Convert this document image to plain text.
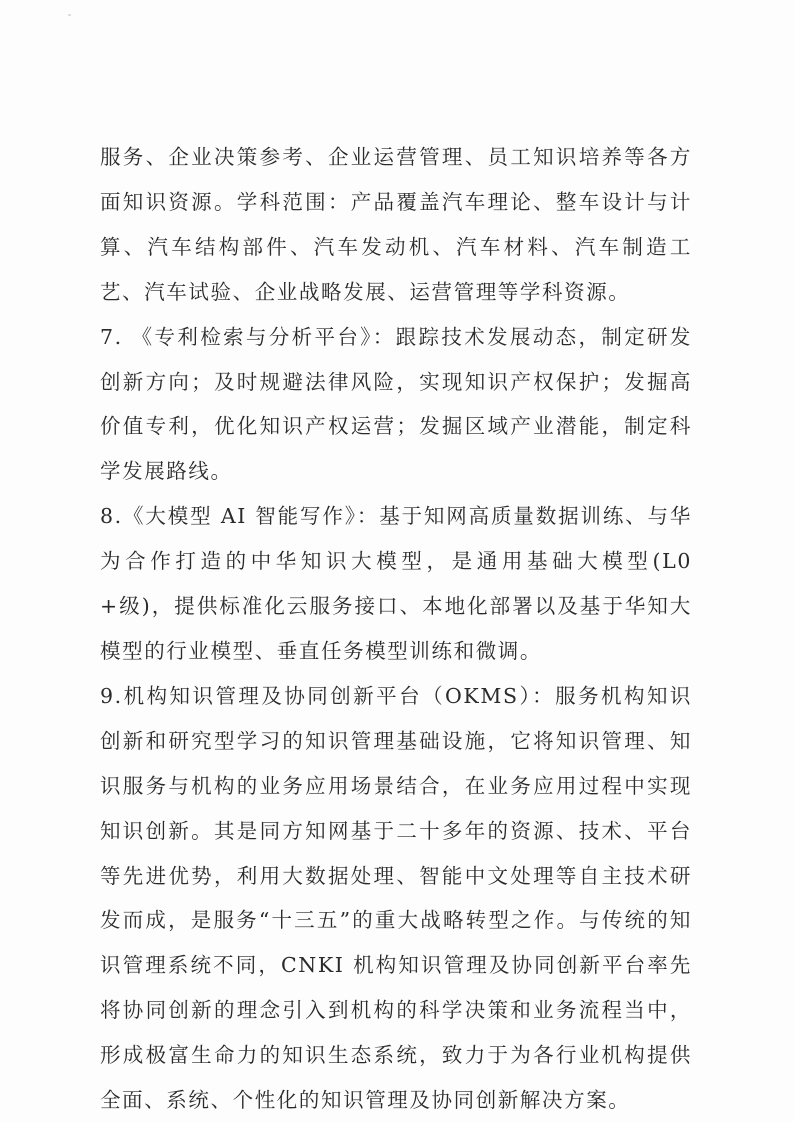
服务、企业决策参考、企业运营管理、员工知识培养等各方面知识资源。学科范围：产品覆盖汽车理论、整车设计与计算、汽车结构部件、汽车发动机、汽车材料、汽车制造工艺、汽车试验、企业战略发展、运营管理等学科资源。

7. 《专利检索与分析平台》：跟踪技术发展动态，制定研发创新方向；及时规避法律风险，实现知识产权保护；发掘高价值专利，优化知识产权运营；发掘区域产业潜能，制定科学发展路线。

8.《大模型 AI 智能写作》：基于知网高质量数据训练、与华为合作打造的中华知识大模型，是通用基础大模型(L0+级)，提供标准化云服务接口、本地化部署以及基于华知大模型的行业模型、垂直任务模型训练和微调。

9.机构知识管理及协同创新平台（OKMS）：服务机构知识创新和研究型学习的知识管理基础设施，它将知识管理、知识服务与机构的业务应用场景结合，在业务应用过程中实现知识创新。其是同方知网基于二十多年的资源、技术、平台等先进优势，利用大数据处理、智能中文处理等自主技术研发而成，是服务“十三五”的重大战略转型之作。与传统的知识管理系统不同，CNKI 机构知识管理及协同创新平台率先将协同创新的理念引入到机构的科学决策和业务流程当中，形成极富生命力的知识生态系统，致力于为各行业机构提供全面、系统、个性化的知识管理及协同创新解决方案。
